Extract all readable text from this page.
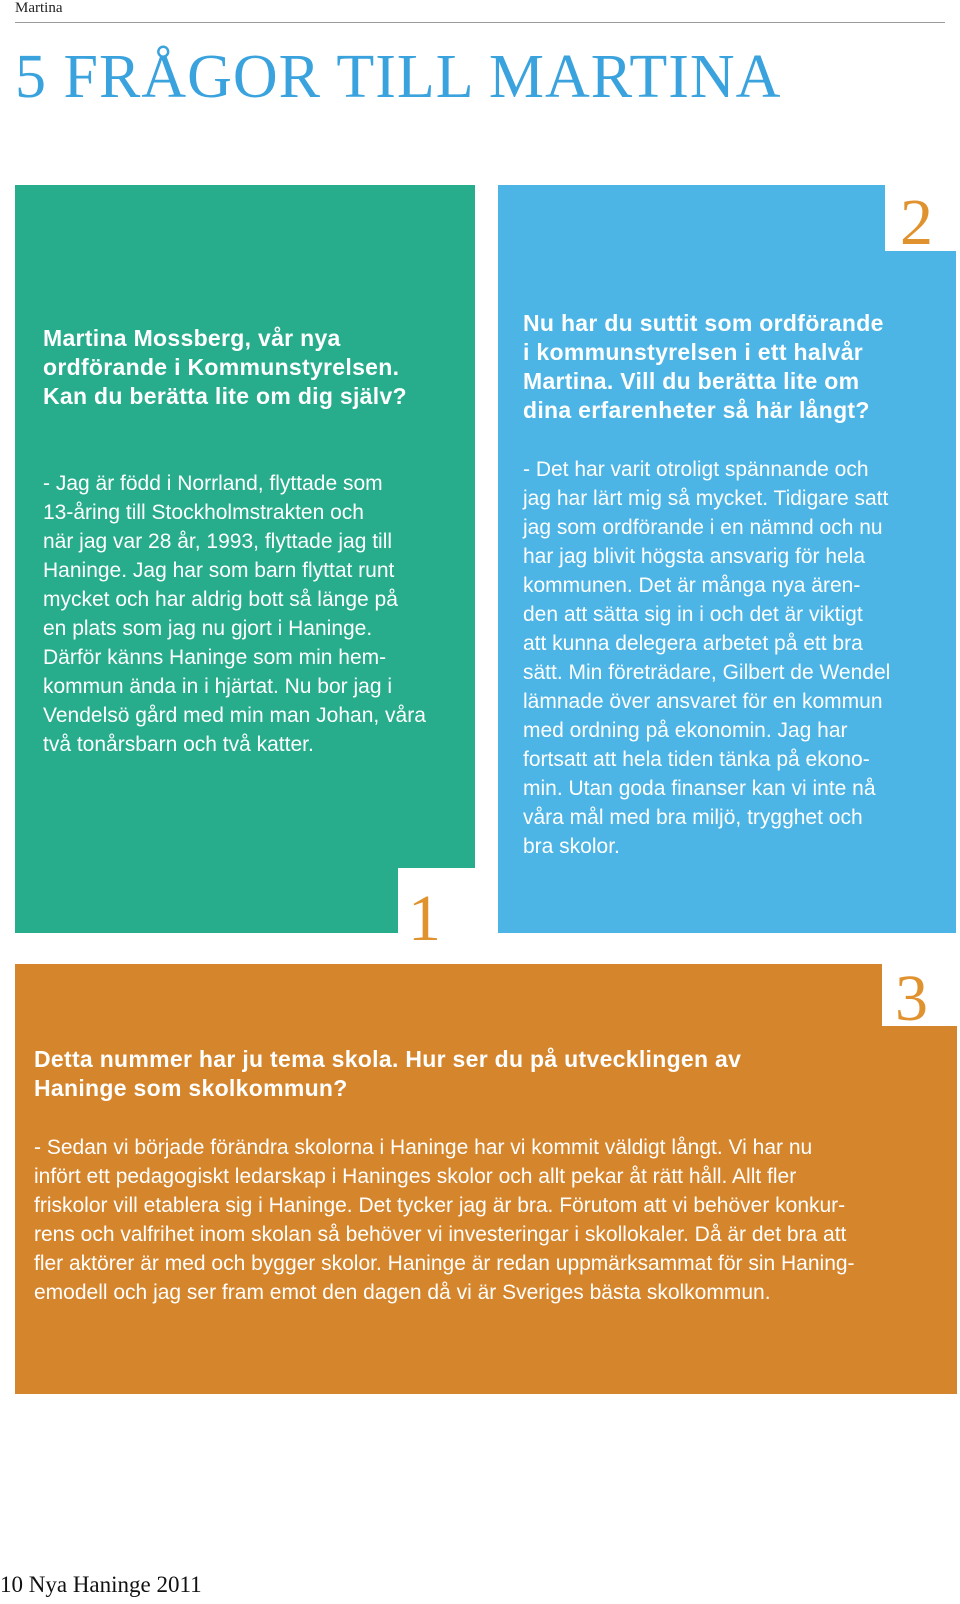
Martina
5 FRÅGOR TILL MARTINA
1
Martina Mossberg, vår nya
ordförande i Kommunstyrelsen.
Kan du berätta lite om dig själv?
- Jag är född i Norrland, flyttade som
13-åring till Stockholmstrakten och
när jag var 28 år, 1993, flyttade jag till
Haninge. Jag har som barn flyttat runt
mycket och har aldrig bott så länge på
en plats som jag nu gjort i Haninge.
Därför känns Haninge som min hem-
kommun ända in i hjärtat. Nu bor jag i
Vendelsö gård med min man Johan, våra
två tonårsbarn och två katter.
2
Nu har du suttit som ordförande
i kommunstyrelsen i ett halvår
Martina. Vill du berätta lite om
dina erfarenheter så här långt?
- Det har varit otroligt spännande och
jag har lärt mig så mycket. Tidigare satt
jag som ordförande i en nämnd och nu
har jag blivit högsta ansvarig för hela
kommunen. Det är många nya ären-
den att sätta sig in i och det är viktigt
att kunna delegera arbetet på ett bra
sätt. Min företrädare, Gilbert de Wendel
lämnade över ansvaret för en kommun
med ordning på ekonomin. Jag har
fortsatt att hela tiden tänka på ekono-
min. Utan goda finanser kan vi inte nå
våra mål med bra miljö, trygghet och
bra skolor.
3
Detta nummer har ju tema skola. Hur ser du på utvecklingen av
Haninge som skolkommun?
- Sedan vi började förändra skolorna i Haninge har vi kommit väldigt långt. Vi har nu
infört ett pedagogiskt ledarskap i Haninges skolor och allt pekar åt rätt håll. Allt fler
friskolor vill etablera sig i Haninge. Det tycker jag är bra. Förutom att vi behöver konkur-
rens och valfrihet inom skolan så behöver vi investeringar i skollokaler. Då är det bra att
fler aktörer är med och bygger skolor. Haninge är redan uppmärksammat för sin Haning-
emodell och jag ser fram emot den dagen då vi är Sveriges bästa skolkommun.
10 Nya Haninge 2011
